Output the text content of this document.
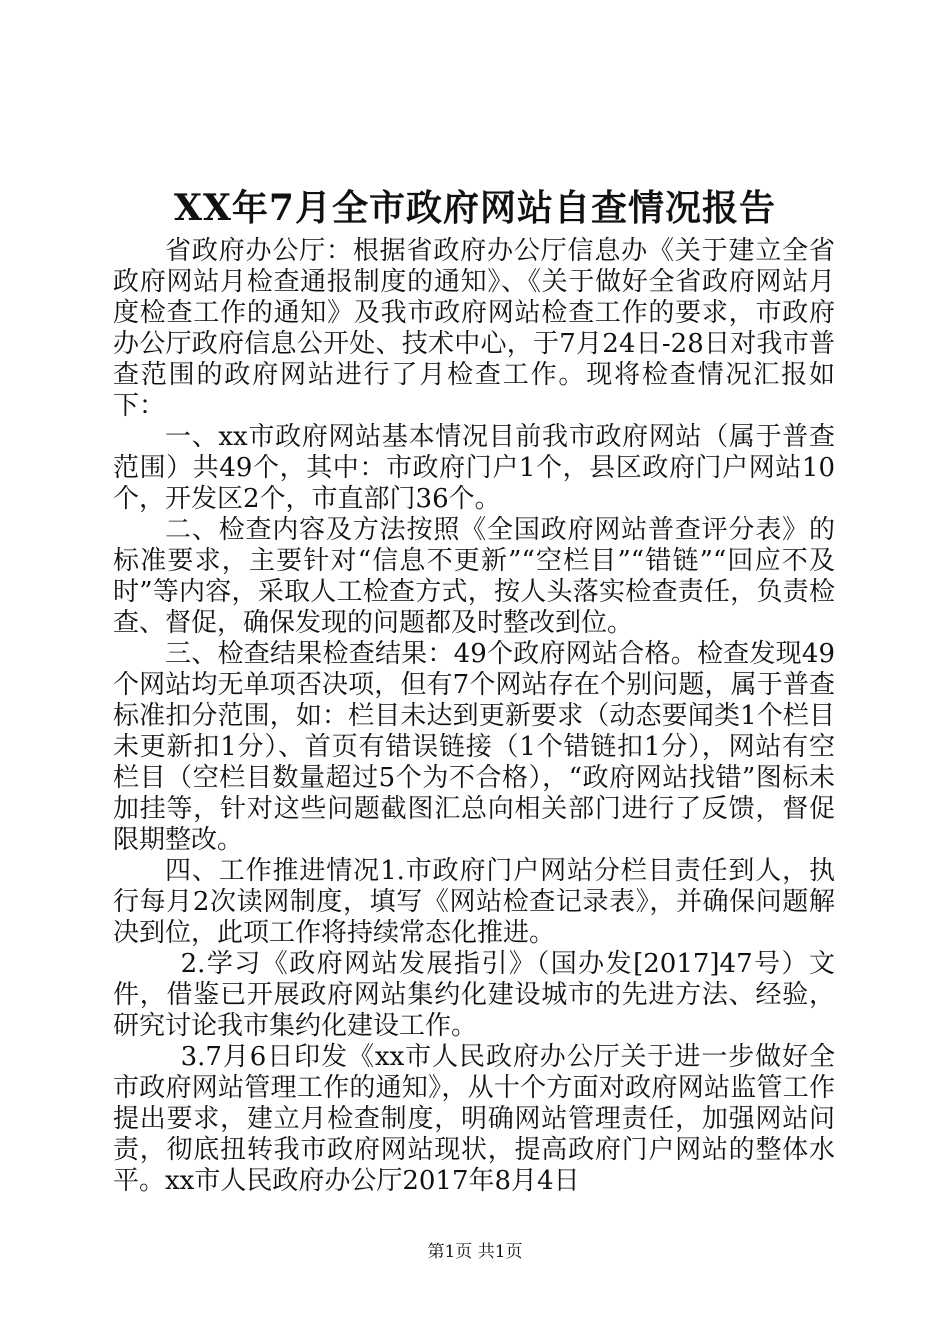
XX年7月全市政府网站自查情况报告

省政府办公厅：根据省政府办公厅信息办《关于建立全省政府网站月检查通报制度的通知》、《关于做好全省政府网站月度检查工作的通知》及我市政府网站检查工作的要求，市政府办公厅政府信息公开处、技术中心，于7月24日-28日对我市普查范围的政府网站进行了月检查工作。现将检查情况汇报如下：

一、xx市政府网站基本情况目前我市政府网站（属于普查范围）共49个，其中：市政府门户1个，县区政府门户网站10个，开发区2个，市直部门36个。

二、检查内容及方法按照《全国政府网站普查评分表》的标准要求，主要针对“信息不更新”“空栏目”“错链”“回应不及时”等内容，采取人工检查方式，按人头落实检查责任，负责检查、督促，确保发现的问题都及时整改到位。

三、检查结果检查结果：49个政府网站合格。检查发现49个网站均无单项否决项，但有7个网站存在个别问题，属于普查标准扣分范围，如：栏目未达到更新要求（动态要闻类1个栏目未更新扣1分）、首页有错误链接（1个错链扣1分），网站有空栏目（空栏目数量超过5个为不合格），“政府网站找错”图标未加挂等，针对这些问题截图汇总向相关部门进行了反馈，督促限期整改。

四、工作推进情况1.市政府门户网站分栏目责任到人，执行每月2次读网制度，填写《网站检查记录表》，并确保问题解决到位，此项工作将持续常态化推进。

2.学习《政府网站发展指引》（国办发[2017]47号）文件，借鉴已开展政府网站集约化建设城市的先进方法、经验，研究讨论我市集约化建设工作。

3.7月6日印发《xx市人民政府办公厅关于进一步做好全市政府网站管理工作的通知》，从十个方面对政府网站监管工作提出要求，建立月检查制度，明确网站管理责任，加强网站问责，彻底扭转我市政府网站现状，提高政府门户网站的整体水平。xx市人民政府办公厅2017年8月4日

第1页 共1页
